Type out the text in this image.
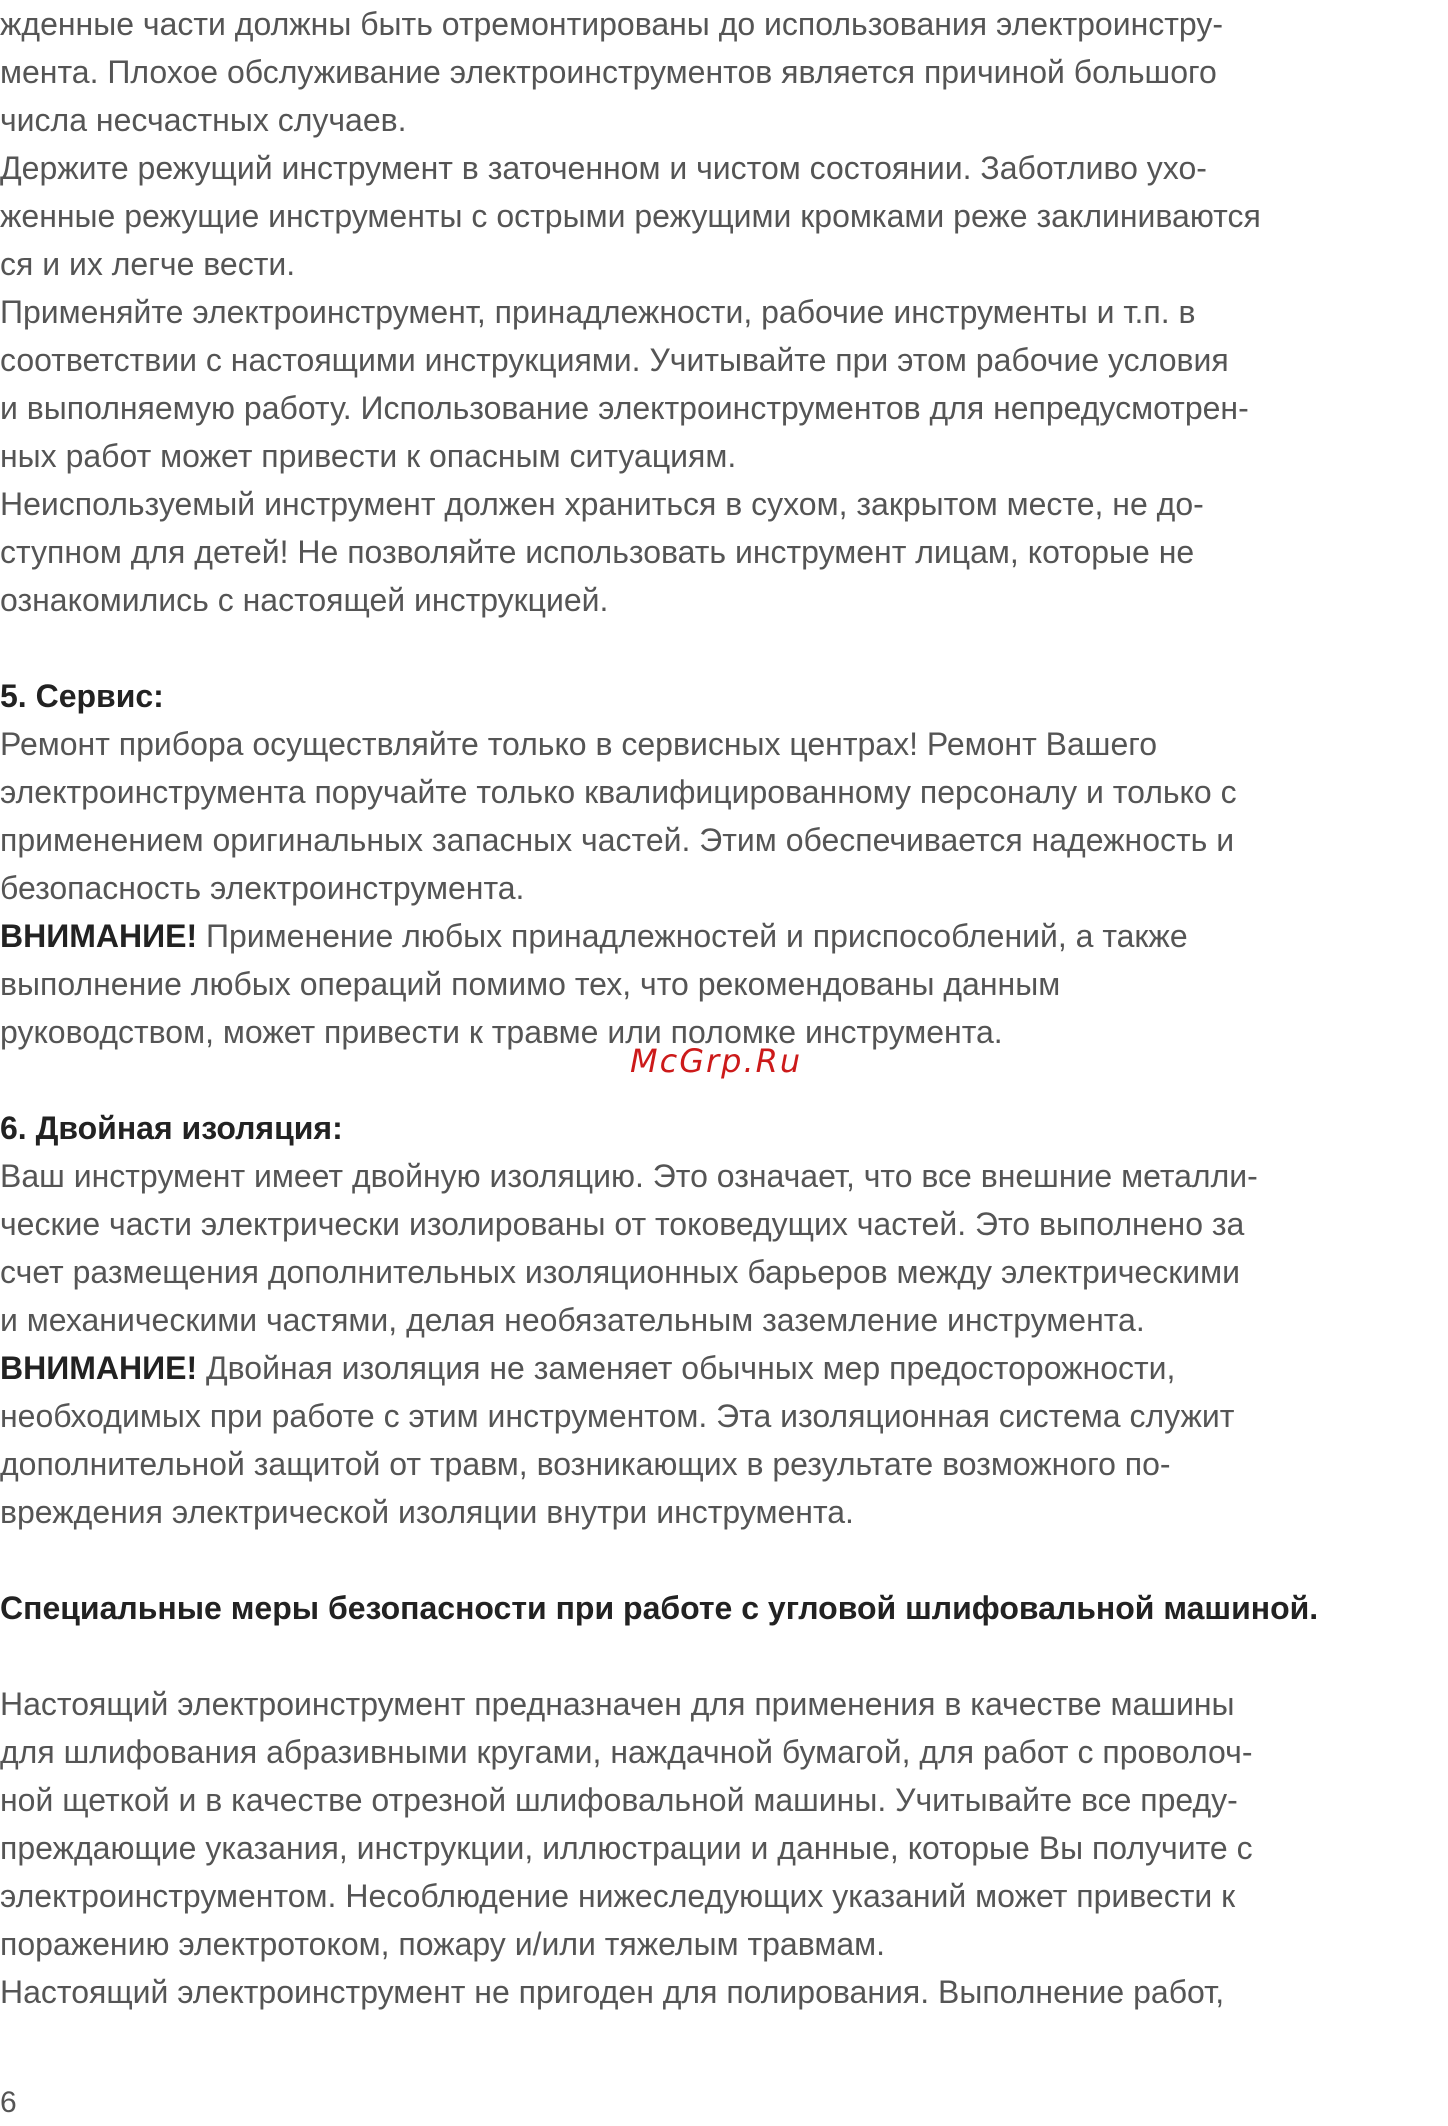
жденные части должны быть отремонтированы до использования электроинстру-
мента. Плохое обслуживание электроинструментов является причиной большого
числа несчастных случаев.
Держите режущий инструмент в заточенном и чистом состоянии. Заботливо ухо-
женные режущие инструменты с острыми режущими кромками реже заклиниваются
ся и их легче вести.
Применяйте электроинструмент, принадлежности, рабочие инструменты и т.п. в
соответствии с настоящими инструкциями. Учитывайте при этом рабочие условия
и выполняемую работу. Использование электроинструментов для непредусмотрен-
ных работ может привести к опасным ситуациям.
Неиспользуемый инструмент должен храниться в сухом, закрытом месте, не до-
ступном для детей! Не позволяйте использовать инструмент лицам, которые не
ознакомились с настоящей инструкцией.
5. Сервис:
Ремонт прибора осуществляйте только в сервисных центрах! Ремонт Вашего
электроинструмента поручайте только квалифицированному персоналу и только с
применением оригинальных запасных частей. Этим обеспечивается надежность и
безопасность электроинструмента.
ВНИМАНИЕ! Применение любых принадлежностей и приспособлений, а также
выполнение любых операций помимо тех, что рекомендованы данным
руководством, может привести к травме или поломке инструмента.
6. Двойная изоляция:
Ваш инструмент имеет двойную изоляцию. Это означает, что все внешние металли-
ческие части электрически изолированы от токоведущих частей. Это выполнено за
счет размещения дополнительных изоляционных барьеров между электрическими
и механическими частями, делая необязательным заземление инструмента.
ВНИМАНИЕ! Двойная изоляция не заменяет обычных мер предосторожности,
необходимых при работе с этим инструментом. Эта изоляционная система служит
дополнительной защитой от травм, возникающих в результате возможного по-
вреждения электрической изоляции внутри инструмента.
Специальные меры безопасности при работе с угловой шлифовальной машиной.
Настоящий электроинструмент предназначен для применения в качестве машины
для шлифования абразивными кругами, наждачной бумагой, для работ с проволоч-
ной щеткой и в качестве отрезной шлифовальной машины. Учитывайте все преду-
преждающие указания, инструкции, иллюстрации и данные, которые Вы получите с
электроинструментом. Несоблюдение нижеследующих указаний может привести к
поражению электротоком, пожару и/или тяжелым травмам.
Настоящий электроинструмент не пригоден для полирования. Выполнение работ,
McGrp.Ru
6
